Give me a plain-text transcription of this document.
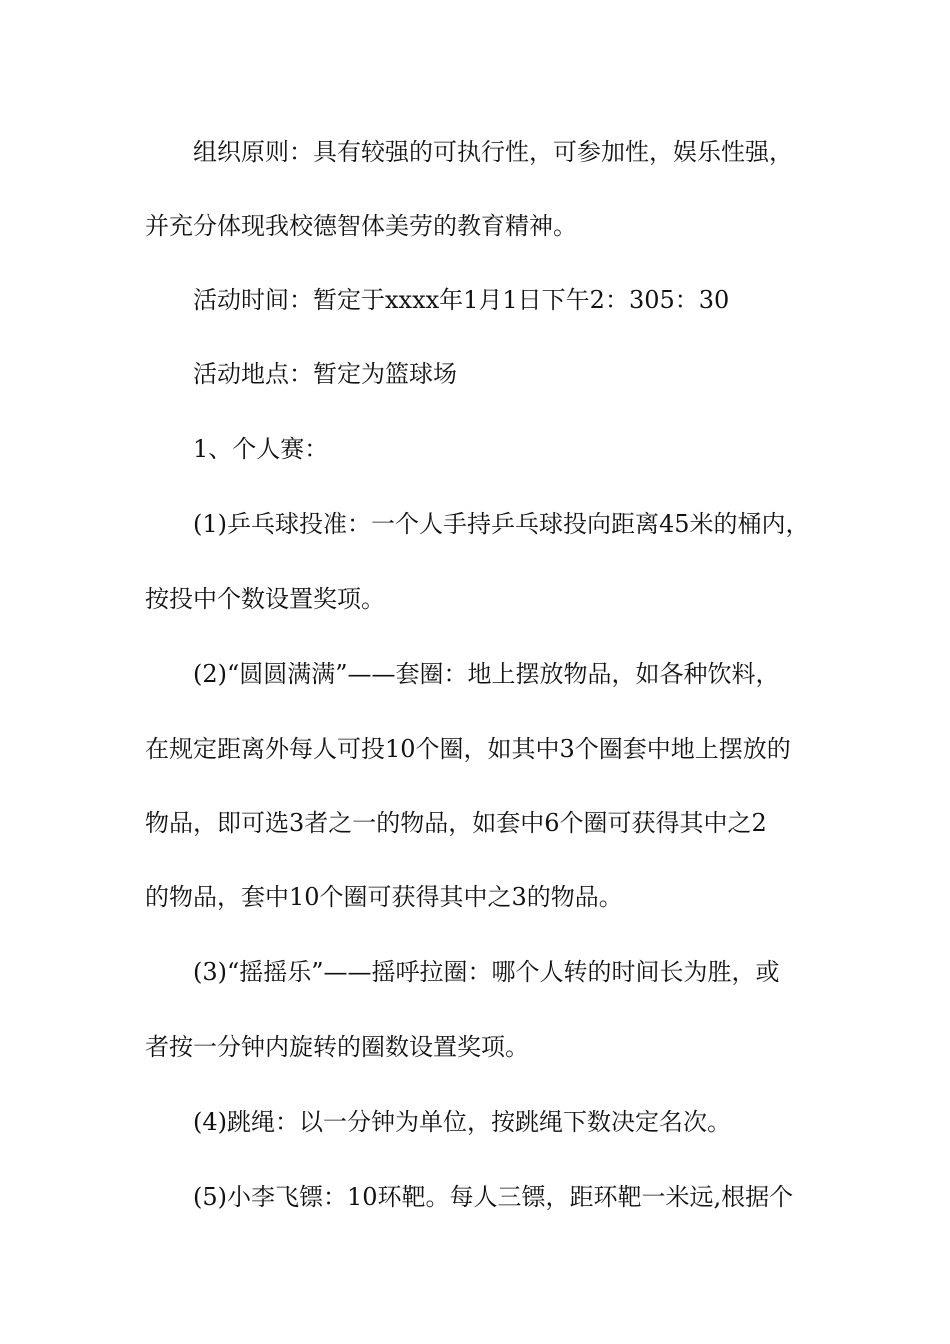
组织原则：具有较强的可执行性，可参加性，娱乐性强，
并充分体现我校德智体美劳的教育精神。
活动时间：暂定于xxxx年1月1日下午2：305：30
活动地点：暂定为篮球场
1、个人赛：
(1)乒乓球投准：一个人手持乒乓球投向距离45米的桶内，
按投中个数设置奖项。
(2)“圆圆满满”——套圈：地上摆放物品，如各种饮料，
在规定距离外每人可投10个圈，如其中3个圈套中地上摆放的
物品，即可选3者之一的物品，如套中6个圈可获得其中之2
的物品，套中10个圈可获得其中之3的物品。
(3)“摇摇乐”——摇呼拉圈：哪个人转的时间长为胜，或
者按一分钟内旋转的圈数设置奖项。
(4)跳绳：以一分钟为单位，按跳绳下数决定名次。
(5)小李飞镖：10环靶。每人三镖，距环靶一米远,根据个
